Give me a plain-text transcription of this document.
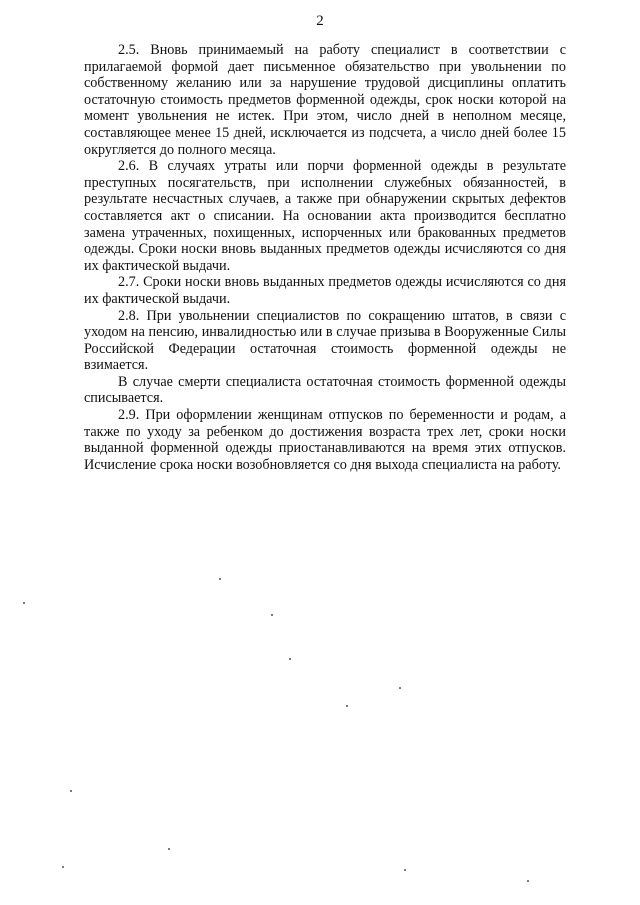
2

2.5. Вновь принимаемый на работу специалист в соответствии с прилагаемой формой дает письменное обязательство при увольнении по собственному желанию или за нарушение трудовой дисциплины оплатить остаточную стоимость предметов форменной одежды, срок носки которой на момент увольнения не истек. При этом, число дней в неполном месяце, составляющее менее 15 дней, исключается из подсчета, а число дней более 15 округляется до полного месяца.

2.6. В случаях утраты или порчи форменной одежды в результате преступных посягательств, при исполнении служебных обязанностей, в результате несчастных случаев, а также при обнаружении скрытых дефектов составляется акт о списании. На основании акта производится бесплатно замена утраченных, похищенных, испорченных или бракованных предметов одежды. Сроки носки вновь выданных предметов одежды исчисляются со дня их фактической выдачи.

2.7. Сроки носки вновь выданных предметов одежды исчисляются со дня их фактической выдачи.

2.8. При увольнении специалистов по сокращению штатов, в связи с уходом на пенсию, инвалидностью или в случае призыва в Вооруженные Силы Российской Федерации остаточная стоимость форменной одежды не взимается.

В случае смерти специалиста остаточная стоимость форменной одежды списывается.

2.9. При оформлении женщинам отпусков по беременности и родам, а также по уходу за ребенком до достижения возраста трех лет, сроки носки выданной форменной одежды приостанавливаются на время этих отпусков. Исчисление срока носки возобновляется со дня выхода специалиста на работу.
